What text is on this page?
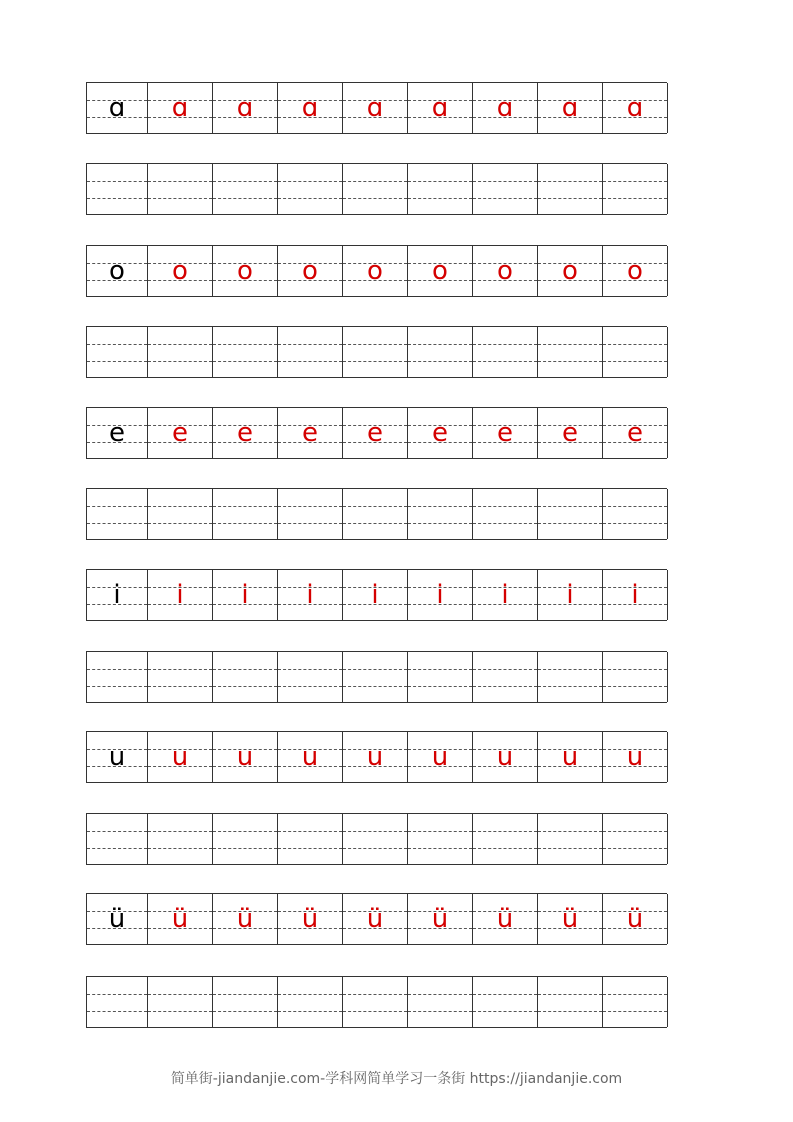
ɑ	ɑ	ɑ	ɑ	ɑ	ɑ	ɑ	ɑ	ɑ
o	o	o	o	o	o	o	o	o
e	e	e	e	e	e	e	e	e
i	i	i	i	i	i	i	i	i
u	u	u	u	u	u	u	u	u
ü	ü	ü	ü	ü	ü	ü	ü	ü
简单街-jiandanjie.com-学科网简单学习一条街 https://jiandanjie.com
